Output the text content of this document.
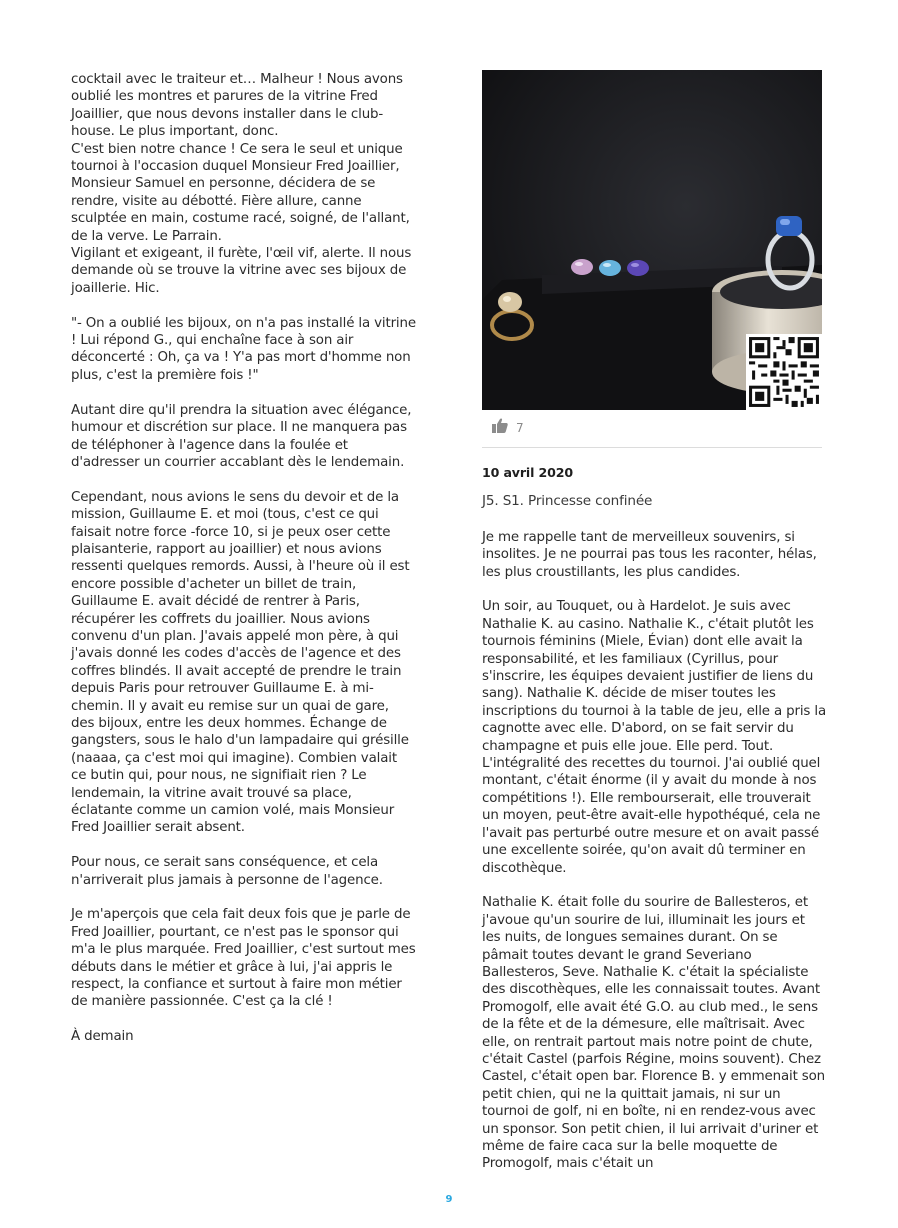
cocktail avec le traiteur et… Malheur ! Nous avons oublié les montres et parures de la vitrine Fred Joaillier, que nous devons installer dans le club-house. Le plus important, donc.

C'est bien notre chance ! Ce sera le seul et unique tournoi à l'occasion duquel Monsieur Fred Joaillier, Monsieur Samuel en personne, décidera de se rendre, visite au débotté. Fière allure, canne sculptée en main, costume racé, soigné, de l'allant, de la verve. Le Parrain.

Vigilant et exigeant, il furète, l'œil vif, alerte. Il nous demande où se trouve la vitrine avec ses bijoux de joaillerie. Hic.

"- On a oublié les bijoux, on n'a pas installé la vitrine ! Lui répond G., qui enchaîne face à son air déconcerté : Oh, ça va ! Y'a pas mort d'homme non plus, c'est la première fois !"

Autant dire qu'il prendra la situation avec élégance, humour et discrétion sur place. Il ne manquera pas de téléphoner à l'agence dans la foulée et d'adresser un courrier accablant dès le lendemain.

Cependant, nous avions le sens du devoir et de la mission, Guillaume E. et moi (tous, c'est ce qui faisait notre force -force 10, si je peux oser cette plaisanterie, rapport au joaillier) et nous avions ressenti quelques remords. Aussi, à l'heure où il est encore possible d'acheter un billet de train, Guillaume E. avait décidé de rentrer à Paris, récupérer les coffrets du joaillier. Nous avions convenu d'un plan. J'avais appelé mon père, à qui j'avais donné les codes d'accès de l'agence et des coffres blindés. Il avait accepté de prendre le train depuis Paris pour retrouver Guillaume E. à mi-chemin. Il y avait eu remise sur un quai de gare, des bijoux, entre les deux hommes. Échange de gangsters, sous le halo d'un lampadaire qui grésille (naaaa, ça c'est moi qui imagine). Combien valait ce butin qui, pour nous, ne signifiait rien ? Le lendemain, la vitrine avait trouvé sa place, éclatante comme un camion volé, mais Monsieur Fred Joaillier serait absent.

Pour nous, ce serait sans conséquence, et cela n'arriverait plus jamais à personne de l'agence.

Je m'aperçois que cela fait deux fois que je parle de Fred Joaillier, pourtant, ce n'est pas le sponsor qui m'a le plus marquée. Fred Joaillier, c'est surtout mes débuts dans le métier et grâce à lui, j'ai appris le respect, la confiance et surtout à faire mon métier de manière passionnée. C'est ça la clé !

À demain

7
10 avril 2020
J5. S1. Princesse confinée

Je me rappelle tant de merveilleux souvenirs, si insolites. Je ne pourrai pas tous les raconter, hélas, les plus croustillants, les plus candides.

Un soir, au Touquet, ou à Hardelot. Je suis avec Nathalie K. au casino. Nathalie K., c'était plutôt les tournois féminins (Miele, Évian) dont elle avait la responsabilité, et les familiaux (Cyrillus, pour s'inscrire, les équipes devaient justifier de liens du sang). Nathalie K. décide de miser toutes les inscriptions du tournoi à la table de jeu, elle a pris la cagnotte avec elle. D'abord, on se fait servir du champagne et puis elle joue. Elle perd. Tout. L'intégralité des recettes du tournoi. J'ai oublié quel montant, c'était énorme (il y avait du monde à nos compétitions !). Elle rembourserait, elle trouverait un moyen, peut-être avait-elle hypothéqué, cela ne l'avait pas perturbé outre mesure et on avait passé une excellente soirée, qu'on avait dû terminer en discothèque.

Nathalie K. était folle du sourire de Ballesteros, et j'avoue qu'un sourire de lui, illuminait les jours et les nuits, de longues semaines durant. On se pâmait toutes devant le grand Severiano Ballesteros, Seve. Nathalie K. c'était la spécialiste des discothèques, elle les connaissait toutes. Avant Promogolf, elle avait été G.O. au club med., le sens de la fête et de la démesure, elle maîtrisait. Avec elle, on rentrait partout mais notre point de chute, c'était Castel (parfois Régine, moins souvent). Chez Castel, c'était open bar. Florence B. y emmenait son petit chien, qui ne la quittait jamais, ni sur un tournoi de golf, ni en boîte, ni en rendez-vous avec un sponsor. Son petit chien, il lui arrivait d'uriner et même de faire caca sur la belle moquette de Promogolf, mais c'était un

9
